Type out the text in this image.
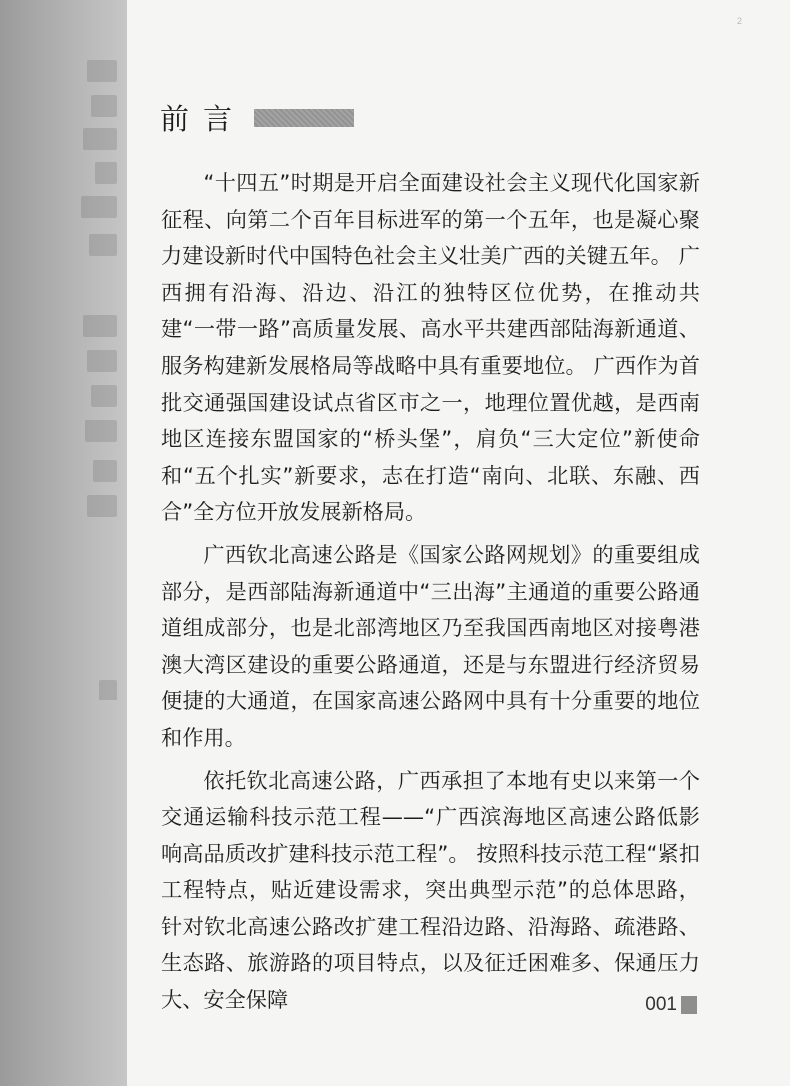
2
前言

“十四五”时期是开启全面建设社会主义现代化国家新征程、向第二个百年目标进军的第一个五年，也是凝心聚力建设新时代中国特色社会主义壮美广西的关键五年。 广西拥有沿海、沿边、沿江的独特区位优势，在推动共建“一带一路”高质量发展、高水平共建西部陆海新通道、服务构建新发展格局等战略中具有重要地位。 广西作为首批交通强国建设试点省区市之一，地理位置优越，是西南地区连接东盟国家的“桥头堡”，肩负“三大定位”新使命和“五个扎实”新要求，志在打造“南向、北联、东融、西合”全方位开放发展新格局。

广西钦北高速公路是《国家公路网规划》的重要组成部分，是西部陆海新通道中“三出海”主通道的重要公路通道组成部分，也是北部湾地区乃至我国西南地区对接粤港澳大湾区建设的重要公路通道，还是与东盟进行经济贸易便捷的大通道，在国家高速公路网中具有十分重要的地位和作用。

依托钦北高速公路，广西承担了本地有史以来第一个交通运输科技示范工程——“广西滨海地区高速公路低影响高品质改扩建科技示范工程”。 按照科技示范工程“紧扣工程特点，贴近建设需求，突出典型示范”的总体思路，针对钦北高速公路改扩建工程沿边路、沿海路、疏港路、生态路、旅游路的项目特点，以及征迁困难多、保通压力大、安全保障	001
